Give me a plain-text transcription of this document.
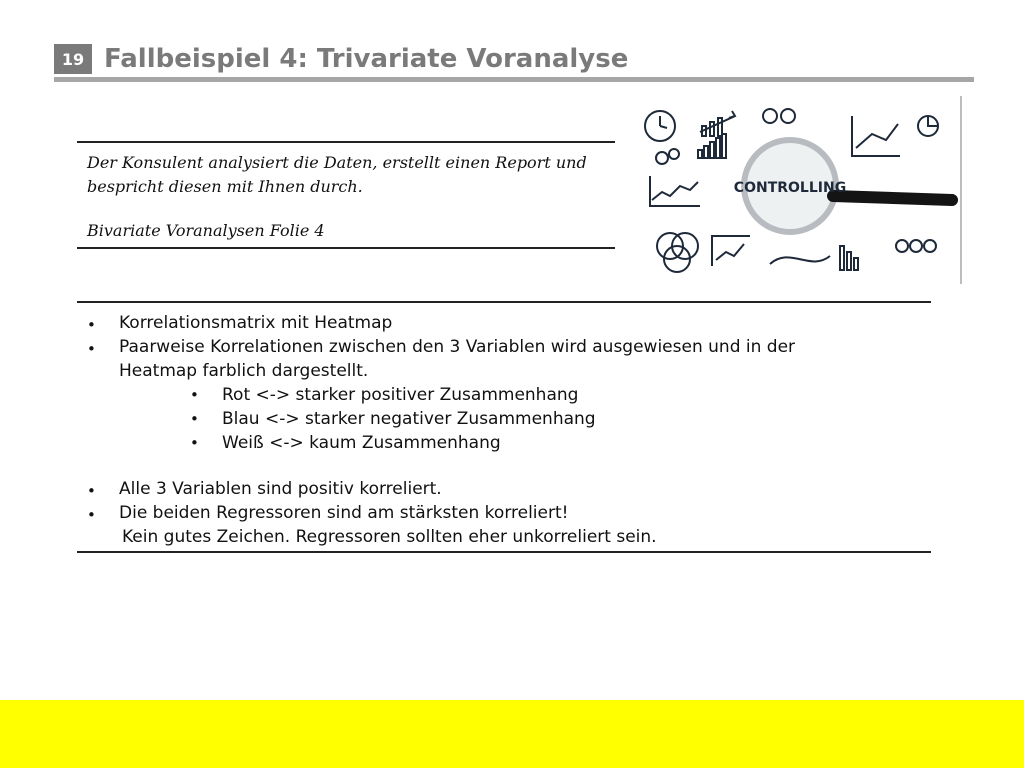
19 Fallbeispiel 4: Trivariate Voranalyse
Der Konsulent analysiert die Daten, erstellt einen Report und bespricht diesen mit Ihnen durch.
Bivariate Voranalysen Folie 4
CONTROLLING
• Korrelationsmatrix mit Heatmap
• Paarweise Korrelationen zwischen den 3 Variablen wird ausgewiesen und in der
Heatmap farblich dargestellt.
• Rot <-> starker positiver Zusammenhang
• Blau <-> starker negativer Zusammenhang
• Weiß <-> kaum Zusammenhang
• Alle 3 Variablen sind positiv korreliert.
• Die beiden Regressoren sind am stärksten korreliert!
Kein gutes Zeichen. Regressoren sollten eher unkorreliert sein.
